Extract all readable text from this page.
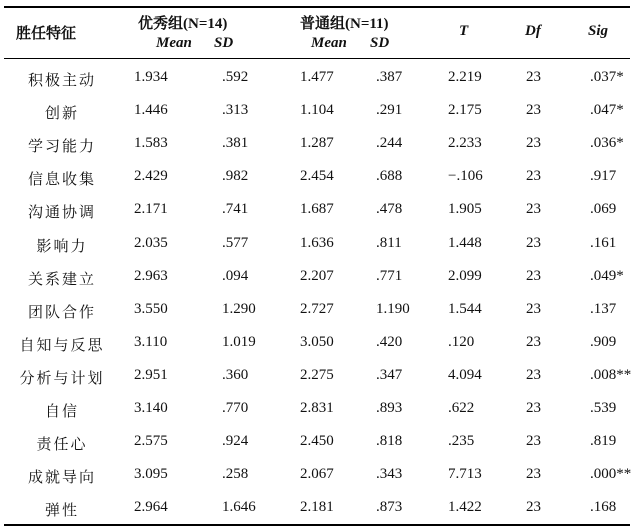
胜任特征	优秀组(N=14)	普通组(N=11)
Mean SD	Mean SD
T	Df	Sig
积极主动	1.934	.592	1.477	.387	2.219	23	.037*
创新	1.446	.313	1.104	.291	2.175	23	.047*
学习能力	1.583	.381	1.287	.244	2.233	23	.036*
信息收集	2.429	.982	2.454	.688	−.106	23	.917
沟通协调	2.171	.741	1.687	.478	1.905	23	.069
影响力	2.035	.577	1.636	.811	1.448	23	.161
关系建立	2.963	.094	2.207	.771	2.099	23	.049*
团队合作	3.550	1.290	2.727	1.190	1.544	23	.137
自知与反思	3.110	1.019	3.050	.420	.120	23	.909
分析与计划	2.951	.360	2.275	.347	4.094	23	.008**
自信	3.140	.770	2.831	.893	.622	23	.539
责任心	2.575	.924	2.450	.818	.235	23	.819
成就导向	3.095	.258	2.067	.343	7.713	23	.000**
弹性	2.964	1.646	2.181	.873	1.422	23	.168
